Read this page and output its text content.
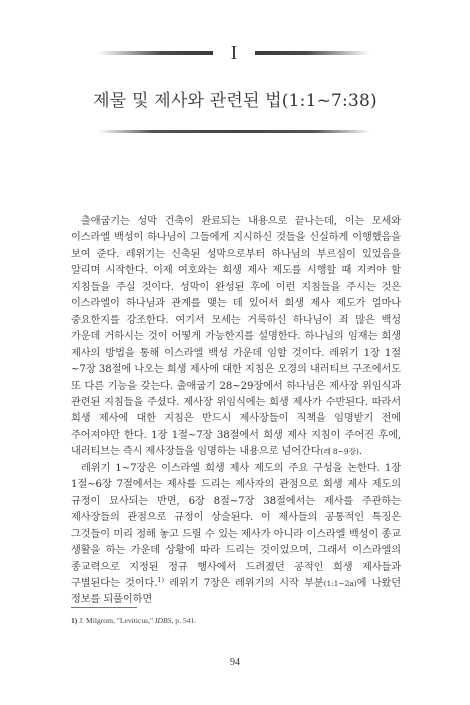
I
제물 및 제사와 관련된 법(1:1~7:38)

출애굽기는 성막 건축이 완료되는 내용으로 끝나는데, 이는 모세와 이스라엘 백성이 하나님이 그들에게 지시하신 것들을 신실하게 이행했음을 보여 준다. 레위기는 신축된 성막으로부터 하나님의 부르심이 있었음을 알리며 시작한다. 이제 여호와는 희생 제사 제도를 시행할 때 지켜야 할 지침들을 주실 것이다. 성막이 완성된 후에 이런 지침들을 주시는 것은 이스라엘이 하나님과 관계를 맺는 데 있어서 희생 제사 제도가 얼마나 중요한지를 강조한다. 여기서 모세는 거룩하신 하나님이 죄 많은 백성 가운데 거하시는 것이 어떻게 가능한지를 설명한다. 하나님의 임재는 희생 제사의 방법을 통해 이스라엘 백성 가운데 임할 것이다. 레위기 1장 1절~7장 38절에 나오는 희생 제사에 대한 지침은 오경의 내러티브 구조에서도 또 다른 기능을 갖는다. 출애굽기 28~29장에서 하나님은 제사장 위임식과 관련된 지침들을 주셨다. 제사장 위임식에는 희생 제사가 수반된다. 따라서 희생 제사에 대한 지침은 반드시 제사장들이 직책을 임명받기 전에 주어져야만 한다. 1장 1절~7장 38절에서 희생 제사 지침이 주어진 후에, 내러티브는 즉시 제사장들을 임명하는 내용으로 넘어간다(레 8~9장).

레위기 1~7장은 이스라엘 희생 제사 제도의 주요 구성을 논한다. 1장 1절~6장 7절에서는 제사를 드리는 제사자의 관점으로 희생 제사 제도의 규정이 묘사되는 반면, 6장 8절~7장 38절에서는 제사를 주관하는 제사장들의 관점으로 규정이 상술된다. 이 제사들의 공통적인 특징은 그것들이 미리 정해 놓고 드릴 수 있는 제사가 아니라 이스라엘 백성이 종교 생활을 하는 가운데 상황에 따라 드리는 것이었으며, 그래서 이스라엘의 종교력으로 지정된 정규 행사에서 드려졌던 공적인 희생 제사들과 구별된다는 것이다.$^{1)}$ 레위기 7장은 레위기의 시작 부분(1:1~2a)에 나왔던 정보를 되풀이하면

1) J. Milgrom, "Leviticus," IDBS, p. 541.
94
